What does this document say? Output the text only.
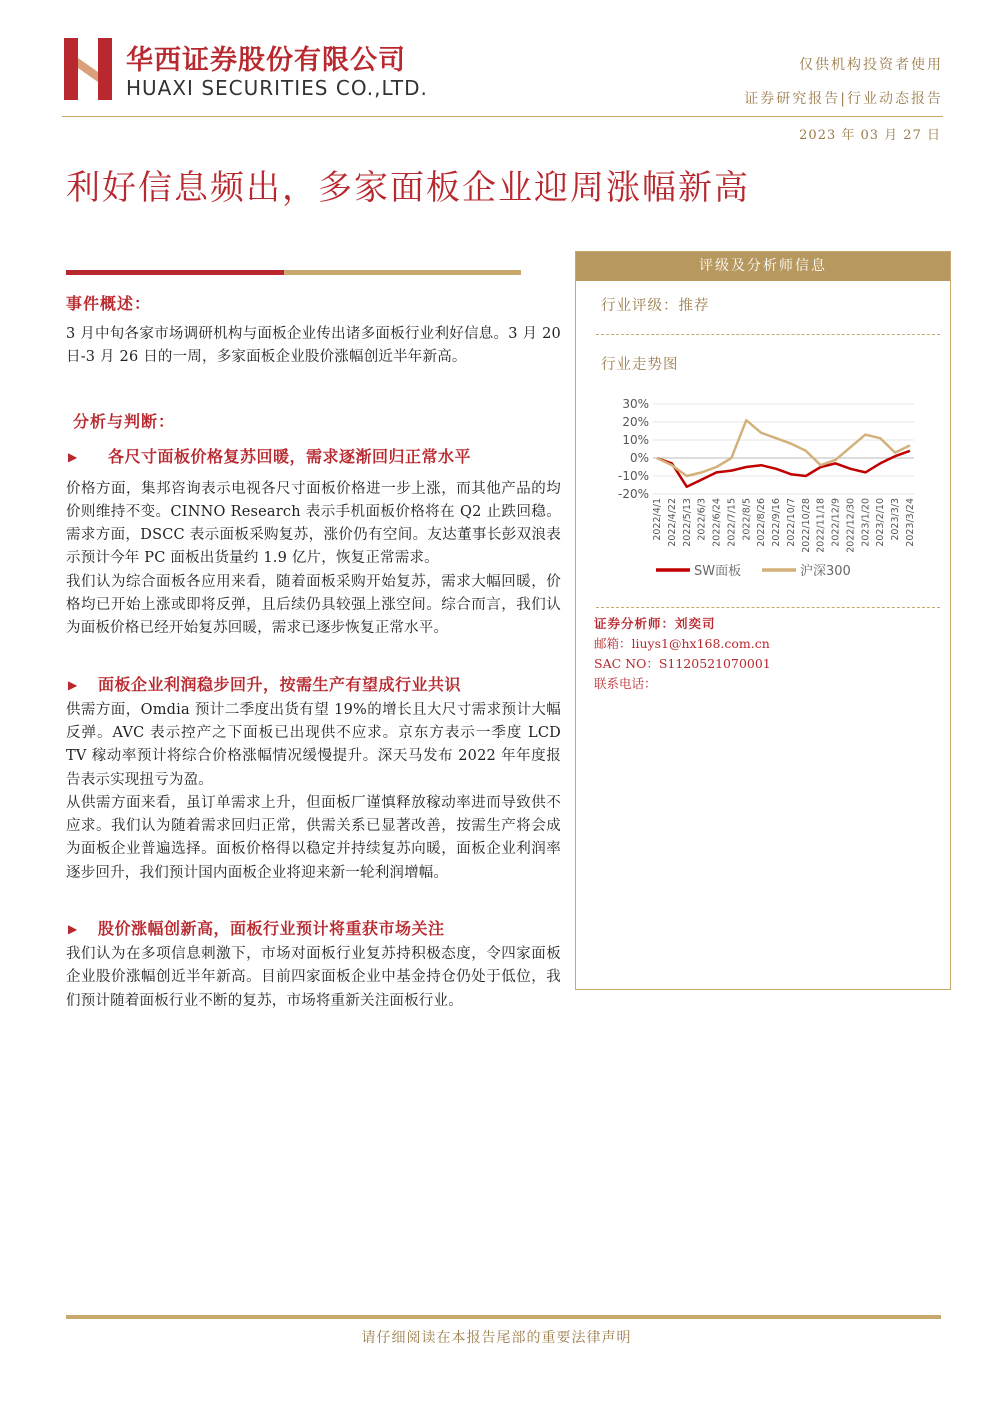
华西证券股份有限公司
HUAXI SECURITIES CO.,LTD.
仅供机构投资者使用
证券研究报告|行业动态报告
2023 年 03 月 27 日
利好信息频出，多家面板企业迎周涨幅新高
事件概述：

3 月中旬各家市场调研机构与面板企业传出诸多面板行业利好信息。3 月 20 日-3 月 26 日的一周，多家面板企业股价涨幅创近半年新高。

分析与判断：
▶	各尺寸面板价格复苏回暖，需求逐渐回归正常水平

价格方面，集邦咨询表示电视各尺寸面板价格进一步上涨，而其他产品的均价则维持不变。CINNO Research 表示手机面板价格将在 Q2 止跌回稳。需求方面，DSCC 表示面板采购复苏，涨价仍有空间。友达董事长彭双浪表示预计今年 PC 面板出货量约 1.9 亿片，恢复正常需求。

我们认为综合面板各应用来看，随着面板采购开始复苏，需求大幅回暖，价格均已开始上涨或即将反弹，且后续仍具较强上涨空间。综合而言，我们认为面板价格已经开始复苏回暖，需求已逐步恢复正常水平。

▶	面板企业利润稳步回升，按需生产有望成行业共识

供需方面，Omdia 预计二季度出货有望 19%的增长且大尺寸需求预计大幅反弹。AVC 表示控产之下面板已出现供不应求。京东方表示一季度 LCD TV 稼动率预计将综合价格涨幅情况缓慢提升。深天马发布 2022 年年度报告表示实现扭亏为盈。

从供需方面来看，虽订单需求上升，但面板厂谨慎释放稼动率进而导致供不应求。我们认为随着需求回归正常，供需关系已显著改善，按需生产将会成为面板企业普遍选择。面板价格得以稳定并持续复苏向暖，面板企业利润率逐步回升，我们预计国内面板企业将迎来新一轮利润增幅。

▶	股价涨幅创新高，面板行业预计将重获市场关注

我们认为在多项信息刺激下，市场对面板行业复苏持积极态度，令四家面板企业股价涨幅创近半年新高。目前四家面板企业中基金持仓仍处于低位，我们预计随着面板行业不断的复苏，市场将重新关注面板行业。

评级及分析师信息
行业评级：推荐
行业走势图
30%
20%
10%
0%
-10%
-20%
2022/4/1 2022/4/22 2022/5/13 2022/6/3 2022/6/24 2022/7/15 2022/8/5 2022/8/26 2022/9/16 2022/10/7 2022/10/28 2022/11/18 2022/12/9 2022/12/30 2023/1/20 2023/2/10 2023/3/3 2023/3/24
SW面板	沪深300
证券分析师：刘奕司
邮箱：liuys1@hx168.com.cn
SAC NO：S1120521070001
联系电话：
请仔细阅读在本报告尾部的重要法律声明
